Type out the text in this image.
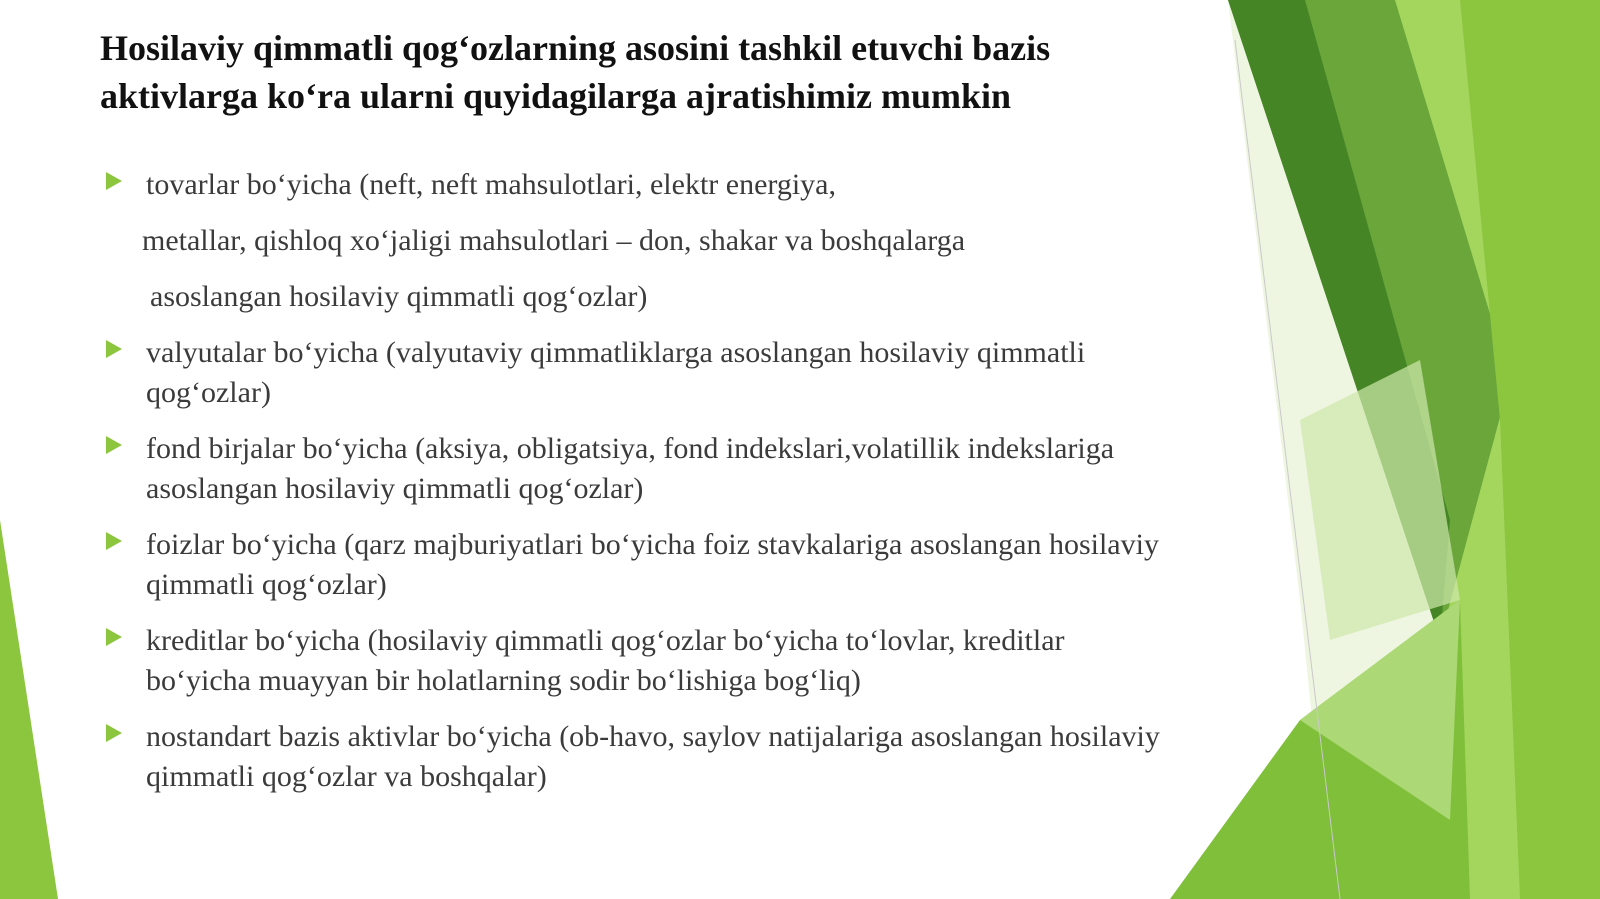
Hosilaviy qimmatli qog‘ozlarning asosini tashkil etuvchi bazis
aktivlarga ko‘ra ularni quyidagilarga ajratishimiz mumkin
tovarlar bo‘yicha (neft, neft mahsulotlari, elektr energiya,
metallar, qishloq xo‘jaligi mahsulotlari – don, shakar va boshqalarga
asoslangan hosilaviy qimmatli qog‘ozlar)
valyutalar bo‘yicha (valyutaviy qimmatliklarga asoslangan hosilaviy qimmatli
qog‘ozlar)
fond birjalar bo‘yicha (aksiya, obligatsiya, fond indekslari,volatillik indekslariga
asoslangan hosilaviy qimmatli qog‘ozlar)
foizlar bo‘yicha (qarz majburiyatlari bo‘yicha foiz stavkalariga asoslangan hosilaviy
qimmatli qog‘ozlar)
kreditlar bo‘yicha (hosilaviy qimmatli qog‘ozlar bo‘yicha to‘lovlar, kreditlar
bo‘yicha muayyan bir holatlarning sodir bo‘lishiga bog‘liq)
nostandart bazis aktivlar bo‘yicha (ob-havo, saylov natijalariga asoslangan hosilaviy
qimmatli qog‘ozlar va boshqalar)
